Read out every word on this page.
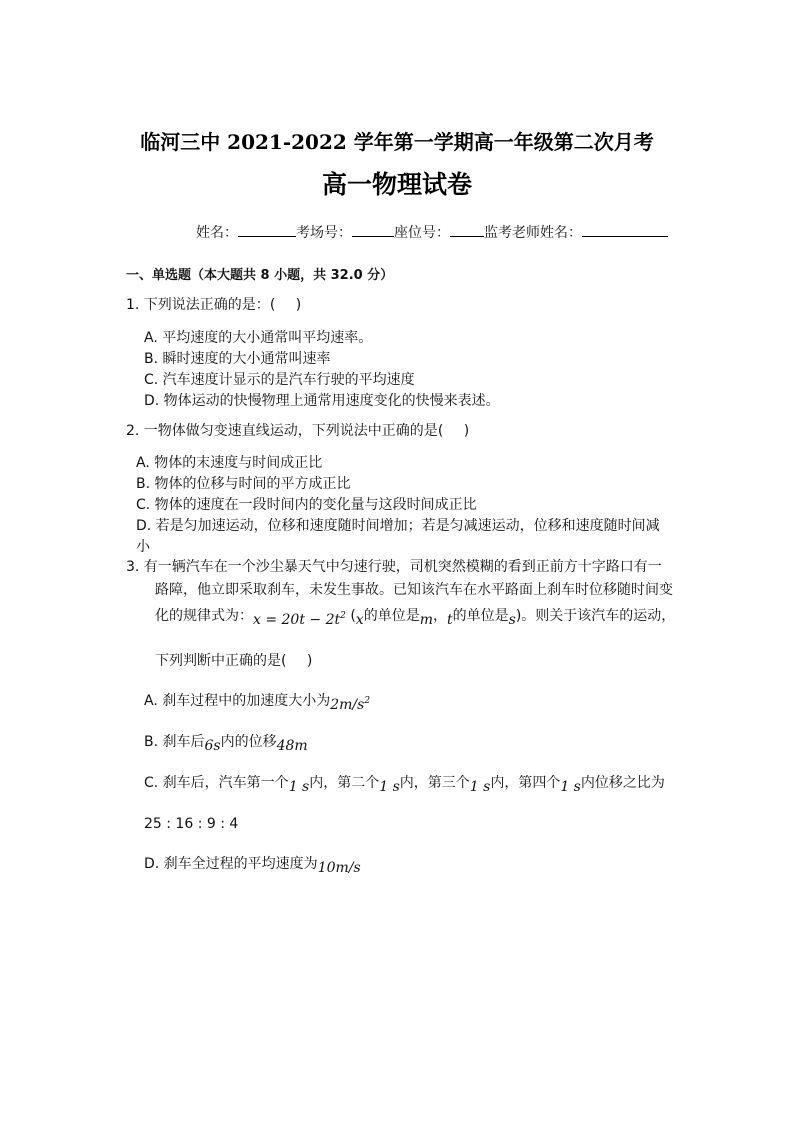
临河三中 2021-2022 学年第一学期高一年级第二次月考
高一物理试卷
姓名：	考场号：	座位号： 监考老师姓名：
一、单选题（本大题共 8 小题，共 32.0 分）
1. 下列说法正确的是：( )
A. 平均速度的大小通常叫平均速率。
B. 瞬时速度的大小通常叫速率
C. 汽车速度计显示的是汽车行驶的平均速度
D. 物体运动的快慢物理上通常用速度变化的快慢来表述。
2. 一物体做匀变速直线运动，下列说法中正确的是( )
A. 物体的末速度与时间成正比
B. 物体的位移与时间的平方成正比
C. 物体的速度在一段时间内的变化量与这段时间成正比
D. 若是匀加速运动，位移和速度随时间增加；若是匀减速运动，位移和速度随时间减
小
3. 有一辆汽车在一个沙尘暴天气中匀速行驶，司机突然模糊的看到正前方十字路口有一
路障，他立即采取刹车，未发生事故。已知该汽车在水平路面上刹车时位移随时间变
化的规律式为：$x = 20t - 2t^2$ (x的单位是m，t的单位是s)。则关于该汽车的运动，
下列判断中正确的是( )
A. 刹车过程中的加速度大小为$2m/s^2$
B. 刹车后6s内的位移48m
C. 刹车后，汽车第一个1 s内，第二个1 s内，第三个1 s内，第四个1 s内位移之比为
25 : 16 : 9 : 4
D. 刹车全过程的平均速度为10m/s
